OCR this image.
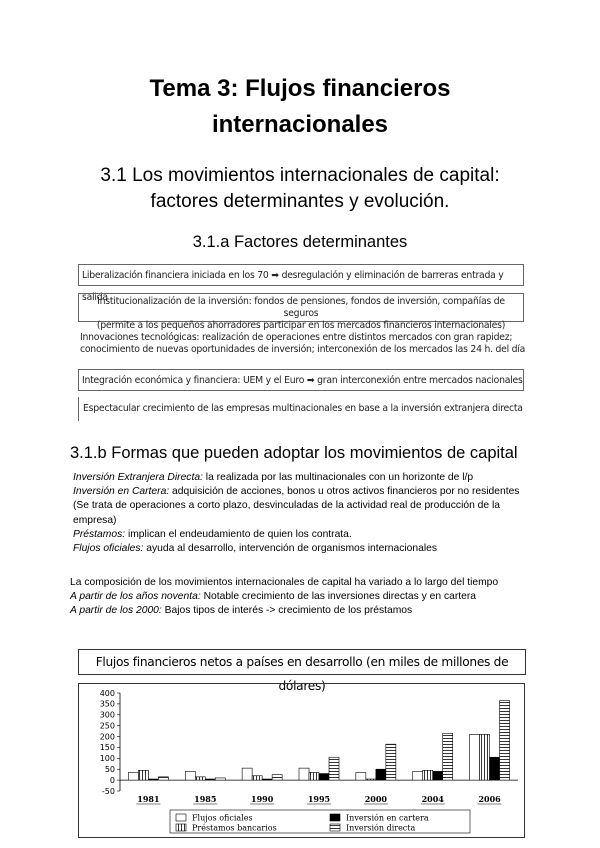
Tema 3: Flujos financieros
internacionales
3.1 Los movimientos internacionales de capital:
factores determinantes y evolución.
3.1.a Factores determinantes
Liberalización financiera iniciada en los 70 ➡ desregulación y eliminación de barreras entrada y salida
Institucionalización de la inversión: fondos de pensiones, fondos de inversión, compañías de seguros
(permite a los pequeños ahorradores participar en los mercados financieros internacionales)
Innovaciones tecnológicas: realización de operaciones entre distintos mercados con gran rapidez;
conocimiento de nuevas oportunidades de inversión; interconexión de los mercados las 24 h. del día
Integración económica y financiera: UEM y el Euro ➡ gran interconexión entre mercados nacionales
Espectacular crecimiento de las empresas multinacionales en base a la inversión extranjera directa
3.1.b Formas que pueden adoptar los movimientos de capital
Inversión Extranjera Directa: la realizada por las multinacionales con un horizonte de l/p
Inversión en Cartera: adquisición de acciones, bonos u otros activos financieros por no residentes (Se trata de operaciones a corto plazo, desvinculadas de la actividad real de producción de la empresa)
Préstamos: implican el endeudamiento de quien los contrata.
Flujos oficiales: ayuda al desarrollo, intervención de organismos internacionales
La composición de los movimientos internacionales de capital ha variado a lo largo del tiempo
A partir de los años noventa: Notable crecimiento de las inversiones directas y en cartera
A partir de los 2000: Bajos tipos de interés -> crecimiento de los préstamos
Flujos financieros netos a países en desarrollo (en miles de millones de dólares)
400
350
300
250
200
150
100
50
0
-50
1981	1985	1990	1995	2000	2004	2006
Flujos oficiales	Inversión en cartera
Préstamos bancarios	Inversión directa
